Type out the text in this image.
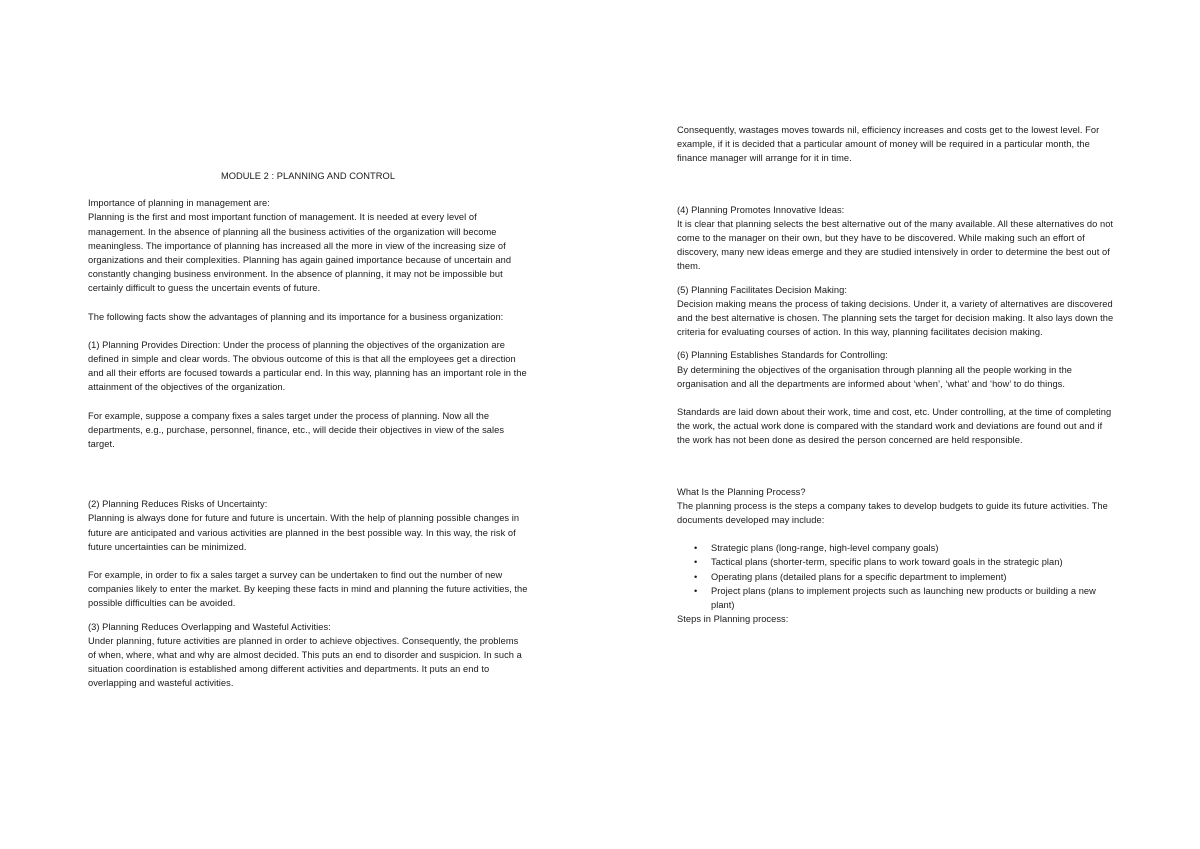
MODULE 2 : PLANNING AND CONTROL

Importance of planning in management are:

Planning is the first and most important function of management. It is needed at every level of management. In the absence of planning all the business activities of the organization will become meaningless. The importance of planning has increased all the more in view of the increasing size of organizations and their complexities. Planning has again gained importance because of uncertain and constantly changing business environment. In the absence of planning, it may not be impossible but certainly difficult to guess the uncertain events of future.

The following facts show the advantages of planning and its importance for a business organization:

(1) Planning Provides Direction: Under the process of planning the objectives of the organization are defined in simple and clear words. The obvious outcome of this is that all the employees get a direction and all their efforts are focused towards a particular end. In this way, planning has an important role in the attainment of the objectives of the organization.

For example, suppose a company fixes a sales target under the process of planning. Now all the departments, e.g., purchase, personnel, finance, etc., will decide their objectives in view of the sales target.

(2) Planning Reduces Risks of Uncertainty:

Planning is always done for future and future is uncertain. With the help of planning possible changes in future are anticipated and various activities are planned in the best possible way. In this way, the risk of future uncertainties can be minimized.

For example, in order to fix a sales target a survey can be undertaken to find out the number of new companies likely to enter the market. By keeping these facts in mind and planning the future activities, the possible difficulties can be avoided.

(3) Planning Reduces Overlapping and Wasteful Activities:

Under planning, future activities are planned in order to achieve objectives. Consequently, the problems of when, where, what and why are almost decided. This puts an end to disorder and suspicion. In such a situation coordination is established among different activities and departments. It puts an end to overlapping and wasteful activities.

Consequently, wastages moves towards nil, efficiency increases and costs get to the lowest level. For example, if it is decided that a particular amount of money will be required in a particular month, the finance manager will arrange for it in time.

(4) Planning Promotes Innovative Ideas:

It is clear that planning selects the best alternative out of the many available. All these alternatives do not come to the manager on their own, but they have to be discovered. While making such an effort of discovery, many new ideas emerge and they are studied intensively in order to determine the best out of them.

(5) Planning Facilitates Decision Making:

Decision making means the process of taking decisions. Under it, a variety of alternatives are discovered and the best alternative is chosen. The planning sets the target for decision making. It also lays down the criteria for evaluating courses of action. In this way, planning facilitates decision making.

(6) Planning Establishes Standards for Controlling:

By determining the objectives of the organisation through planning all the people working in the organisation and all the departments are informed about ‘when’, ‘what’ and ‘how’ to do things.

Standards are laid down about their work, time and cost, etc. Under controlling, at the time of completing the work, the actual work done is compared with the standard work and deviations are found out and if the work has not been done as desired the person concerned are held responsible.

What Is the Planning Process?

The planning process is the steps a company takes to develop budgets to guide its future activities. The documents developed may include:

• Strategic plans (long-range, high-level company goals)
• Tactical plans (shorter-term, specific plans to work toward goals in the strategic plan)
• Operating plans (detailed plans for a specific department to implement)
• Project plans (plans to implement projects such as launching new products or building a new plant)

Steps in Planning process:
